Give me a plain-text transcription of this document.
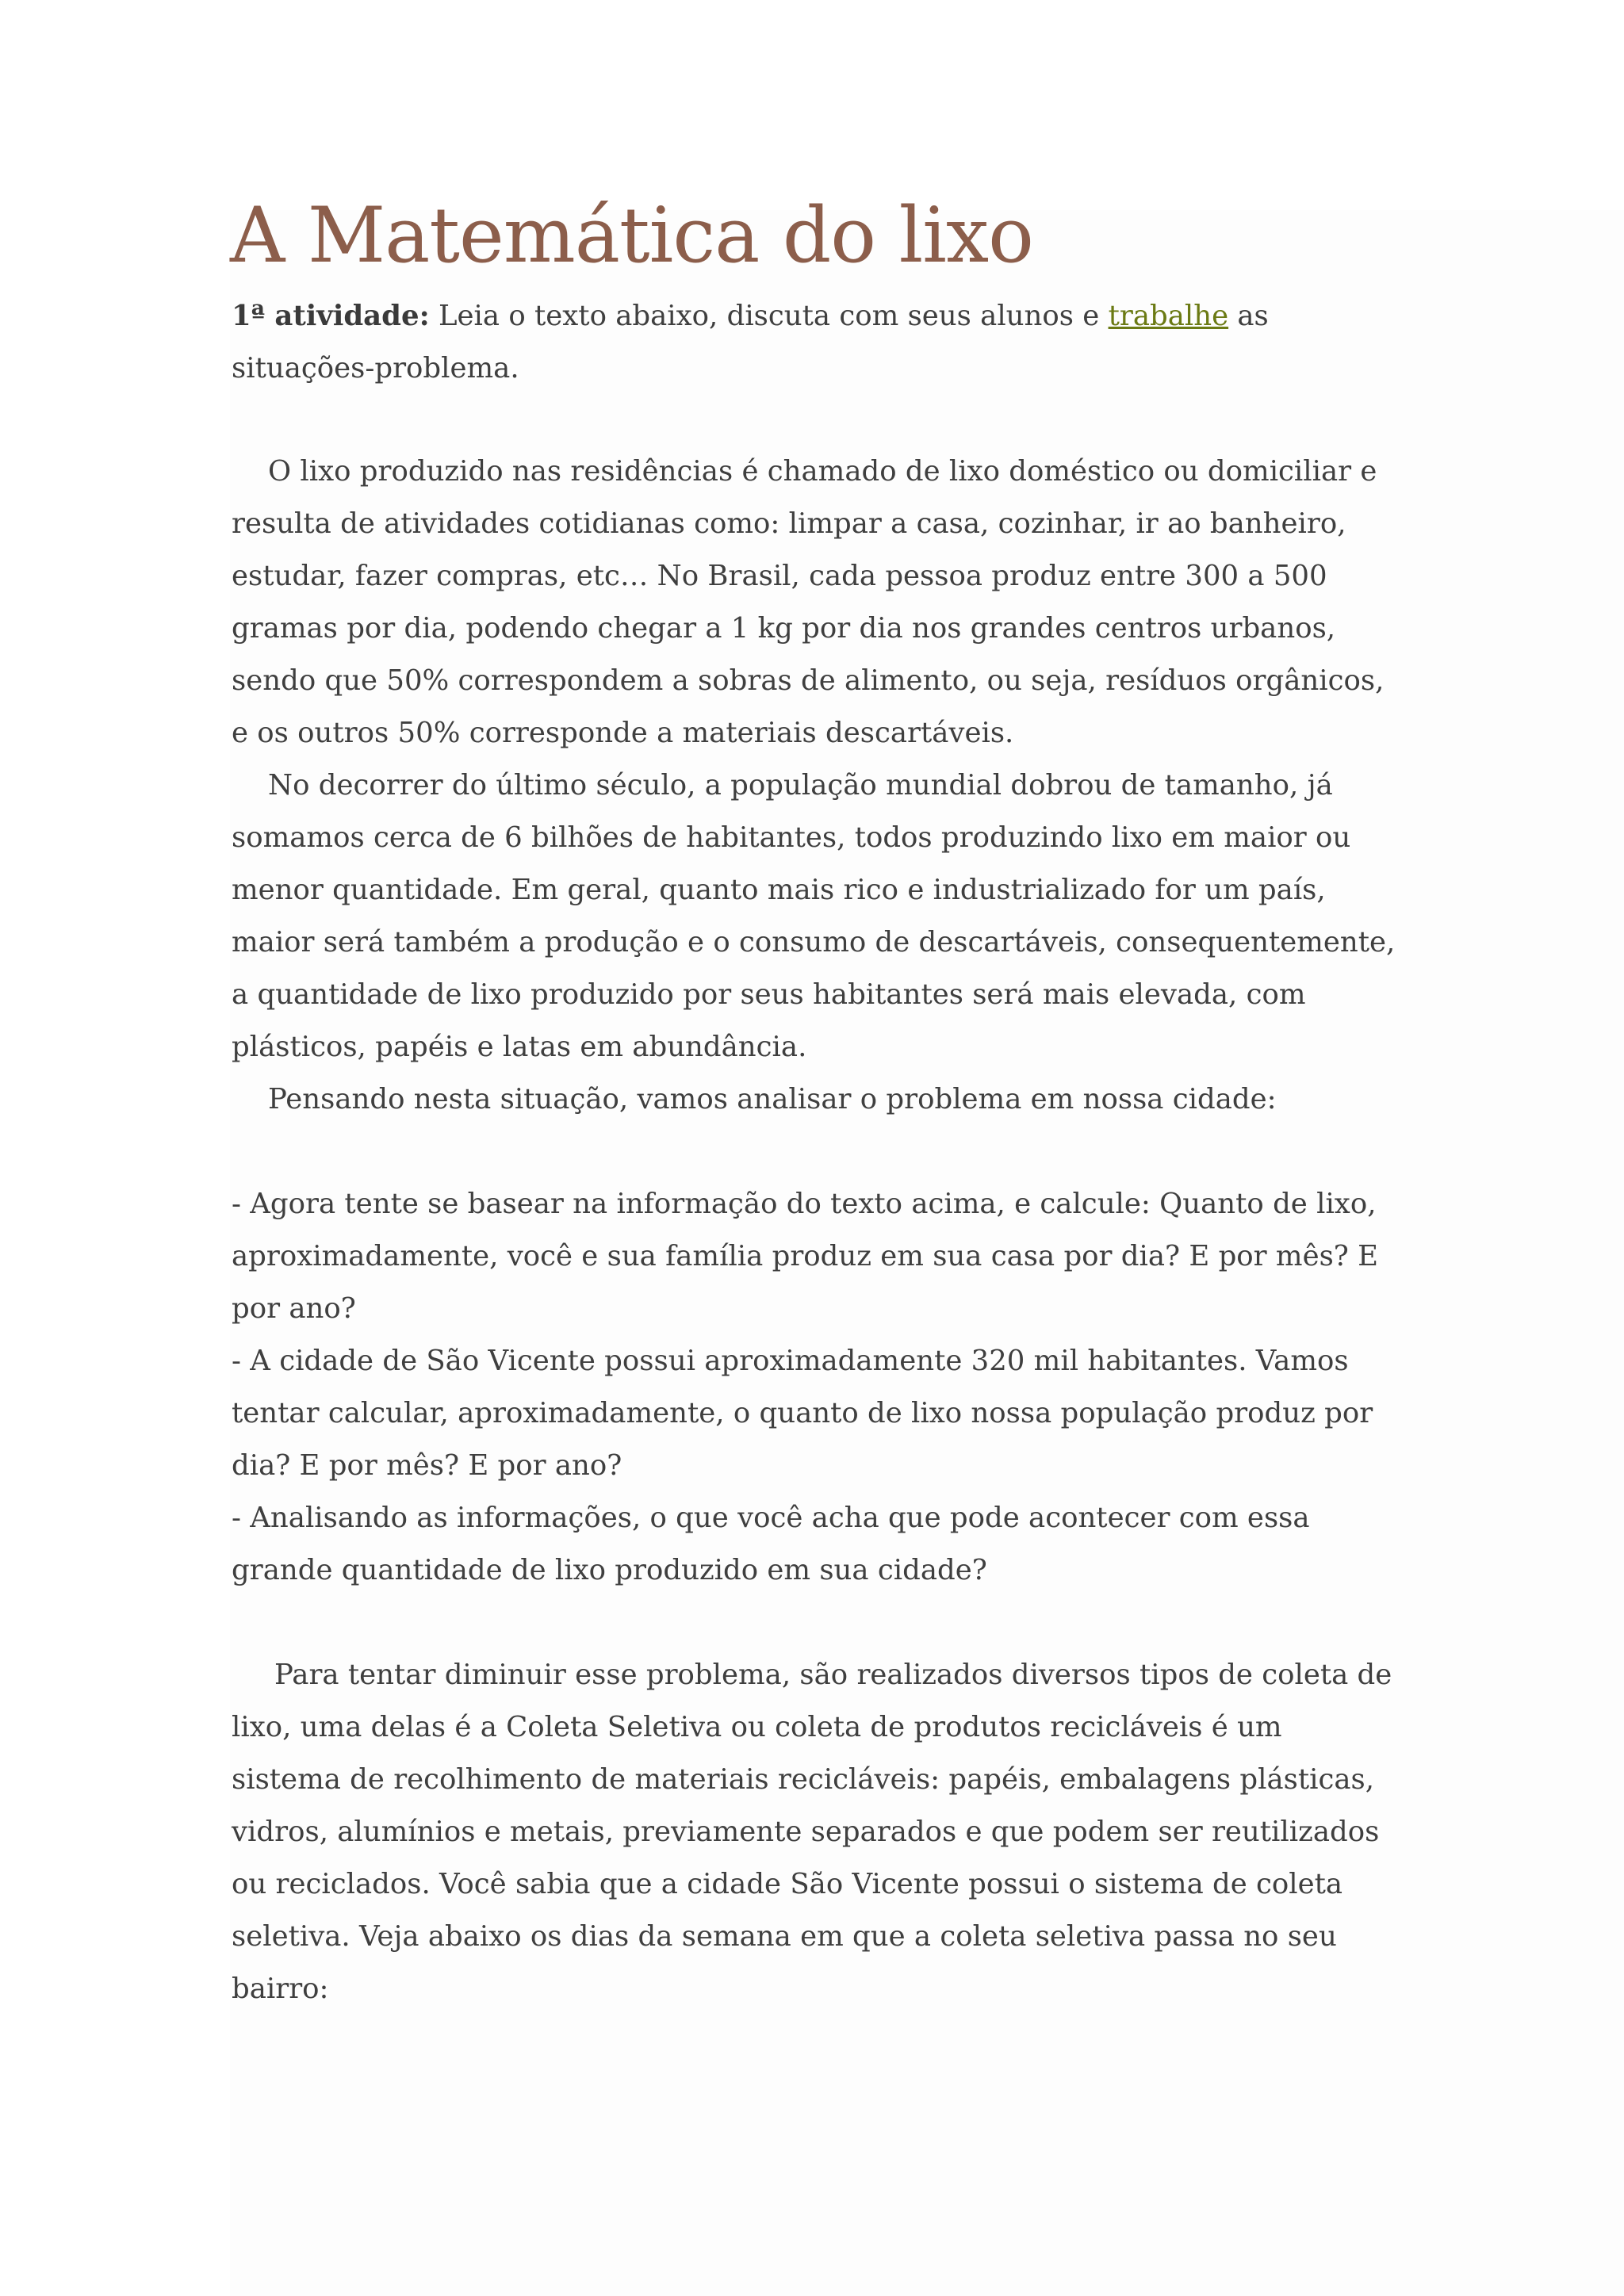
A Matemática do lixo
1ª atividade: Leia o texto abaixo, discuta com seus alunos e trabalhe as situações-problema.

O lixo produzido nas residências é chamado de lixo doméstico ou domiciliar e resulta de atividades cotidianas como: limpar a casa, cozinhar, ir ao banheiro, estudar, fazer compras, etc… No Brasil, cada pessoa produz entre 300 a 500 gramas por dia, podendo chegar a 1 kg por dia nos grandes centros urbanos, sendo que 50% correspondem a sobras de alimento, ou seja, resíduos orgânicos, e os outros 50% corresponde a materiais descartáveis.

No decorrer do último século, a população mundial dobrou de tamanho, já somamos cerca de 6 bilhões de habitantes, todos produzindo lixo em maior ou menor quantidade. Em geral, quanto mais rico e industrializado for um país, maior será também a produção e o consumo de descartáveis, consequentemente, a quantidade de lixo produzido por seus habitantes será mais elevada, com plásticos, papéis e latas em abundância.

Pensando nesta situação, vamos analisar o problema em nossa cidade:

- Agora tente se basear na informação do texto acima, e calcule: Quanto de lixo, aproximadamente, você e sua família produz em sua casa por dia? E por mês? E por ano?

- A cidade de São Vicente possui aproximadamente 320 mil habitantes. Vamos tentar calcular, aproximadamente, o quanto de lixo nossa população produz por dia? E por mês? E por ano?

- Analisando as informações, o que você acha que pode acontecer com essa grande quantidade de lixo produzido em sua cidade?

Para tentar diminuir esse problema, são realizados diversos tipos de coleta de lixo, uma delas é a Coleta Seletiva ou coleta de produtos recicláveis é um sistema de recolhimento de materiais recicláveis: papéis, embalagens plásticas, vidros, alumínios e metais, previamente separados e que podem ser reutilizados ou reciclados. Você sabia que a cidade São Vicente possui o sistema de coleta seletiva. Veja abaixo os dias da semana em que a coleta seletiva passa no seu bairro:
